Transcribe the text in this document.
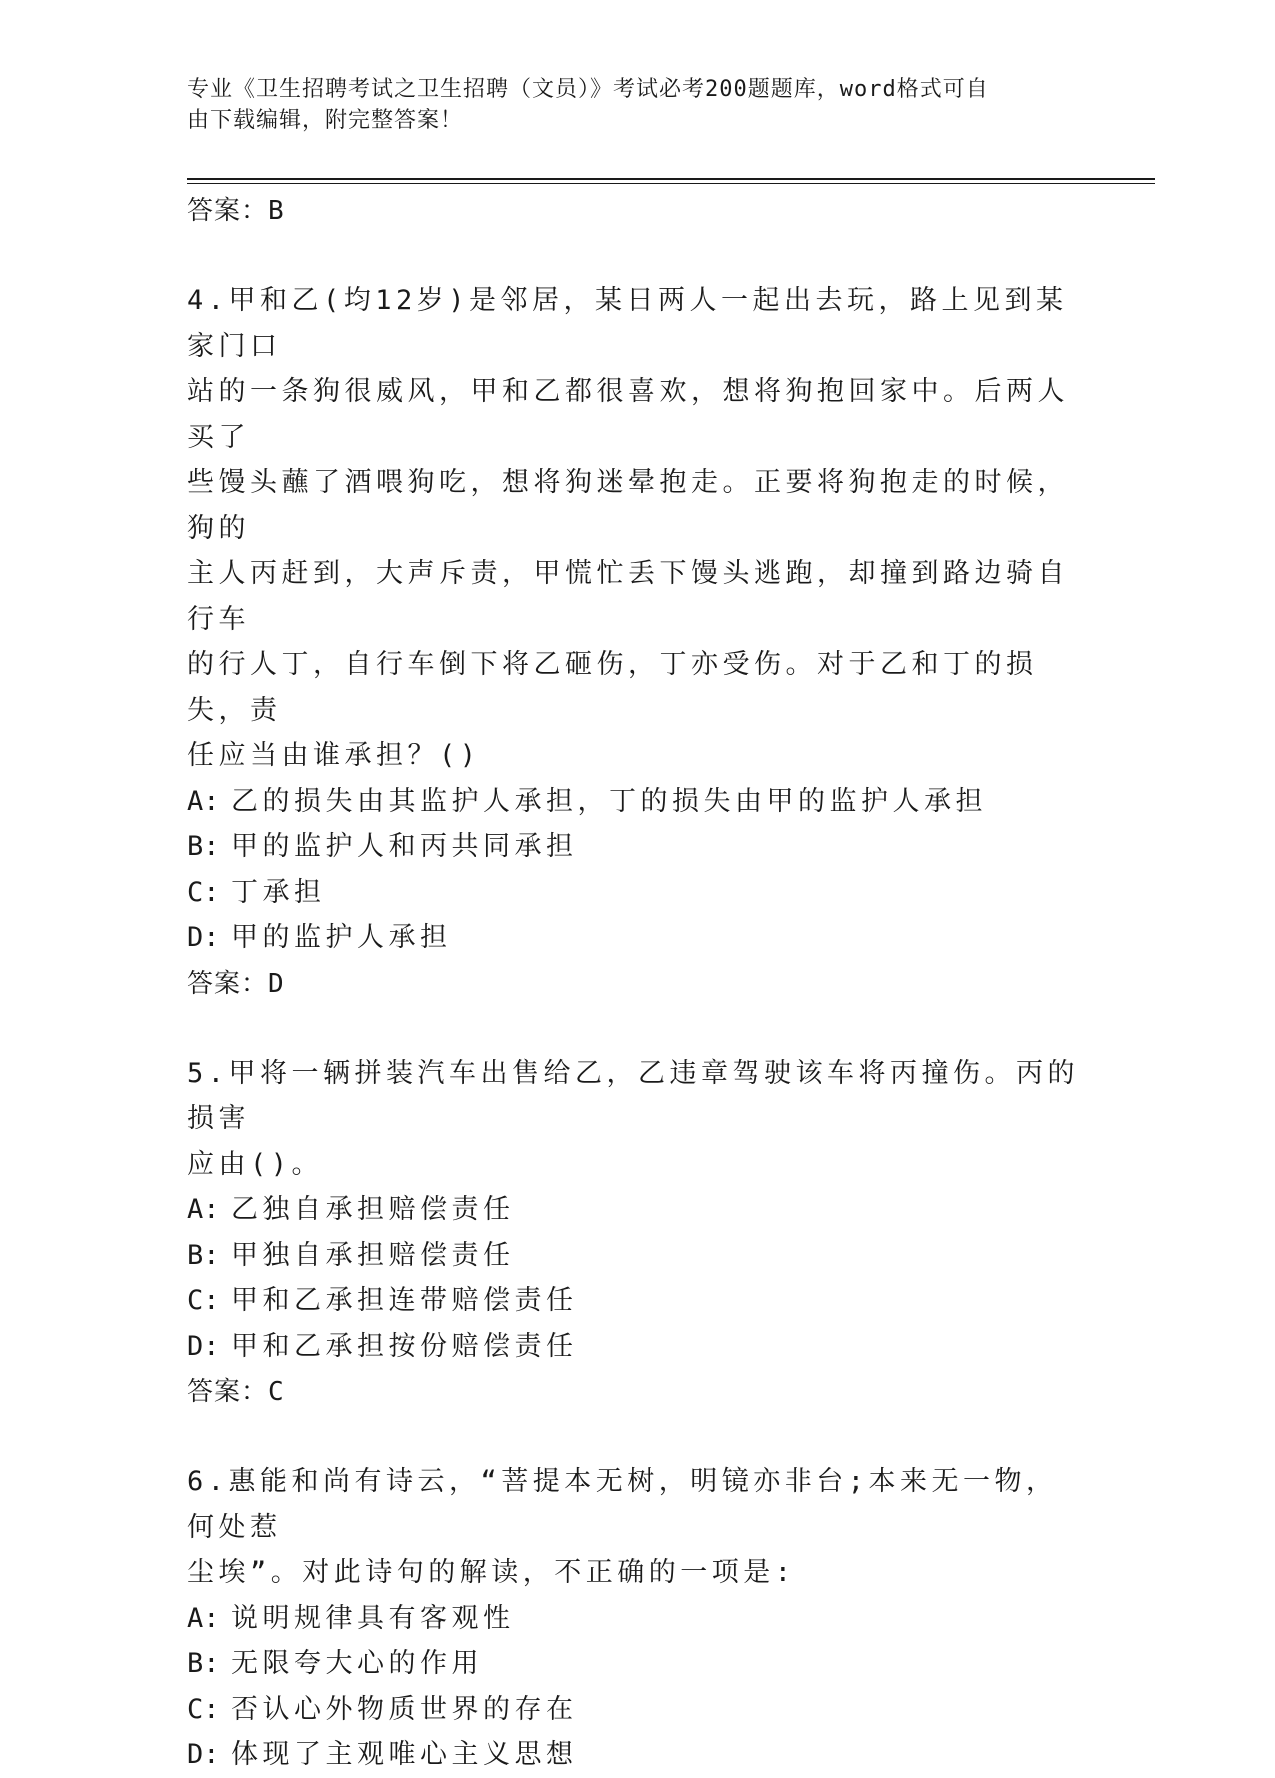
专业《卫生招聘考试之卫生招聘（文员）》考试必考200题题库，word格式可自
由下载编辑，附完整答案！
答案：B
4.甲和乙(均12岁)是邻居，某日两人一起出去玩，路上见到某家门口
站的一条狗很威风，甲和乙都很喜欢，想将狗抱回家中。后两人买了
些馒头蘸了酒喂狗吃，想将狗迷晕抱走。正要将狗抱走的时候，狗的
主人丙赶到，大声斥责，甲慌忙丢下馒头逃跑，却撞到路边骑自行车
的行人丁，自行车倒下将乙砸伤，丁亦受伤。对于乙和丁的损失，责
任应当由谁承担？()
A: 乙的损失由其监护人承担，丁的损失由甲的监护人承担
B: 甲的监护人和丙共同承担
C: 丁承担
D: 甲的监护人承担
答案：D
5.甲将一辆拼装汽车出售给乙，乙违章驾驶该车将丙撞伤。丙的损害
应由()。
A: 乙独自承担赔偿责任
B: 甲独自承担赔偿责任
C: 甲和乙承担连带赔偿责任
D: 甲和乙承担按份赔偿责任
答案：C
6.惠能和尚有诗云，“菩提本无树，明镜亦非台;本来无一物，何处惹
尘埃”。对此诗句的解读，不正确的一项是:
A: 说明规律具有客观性
B: 无限夸大心的作用
C: 否认心外物质世界的存在
D: 体现了主观唯心主义思想
